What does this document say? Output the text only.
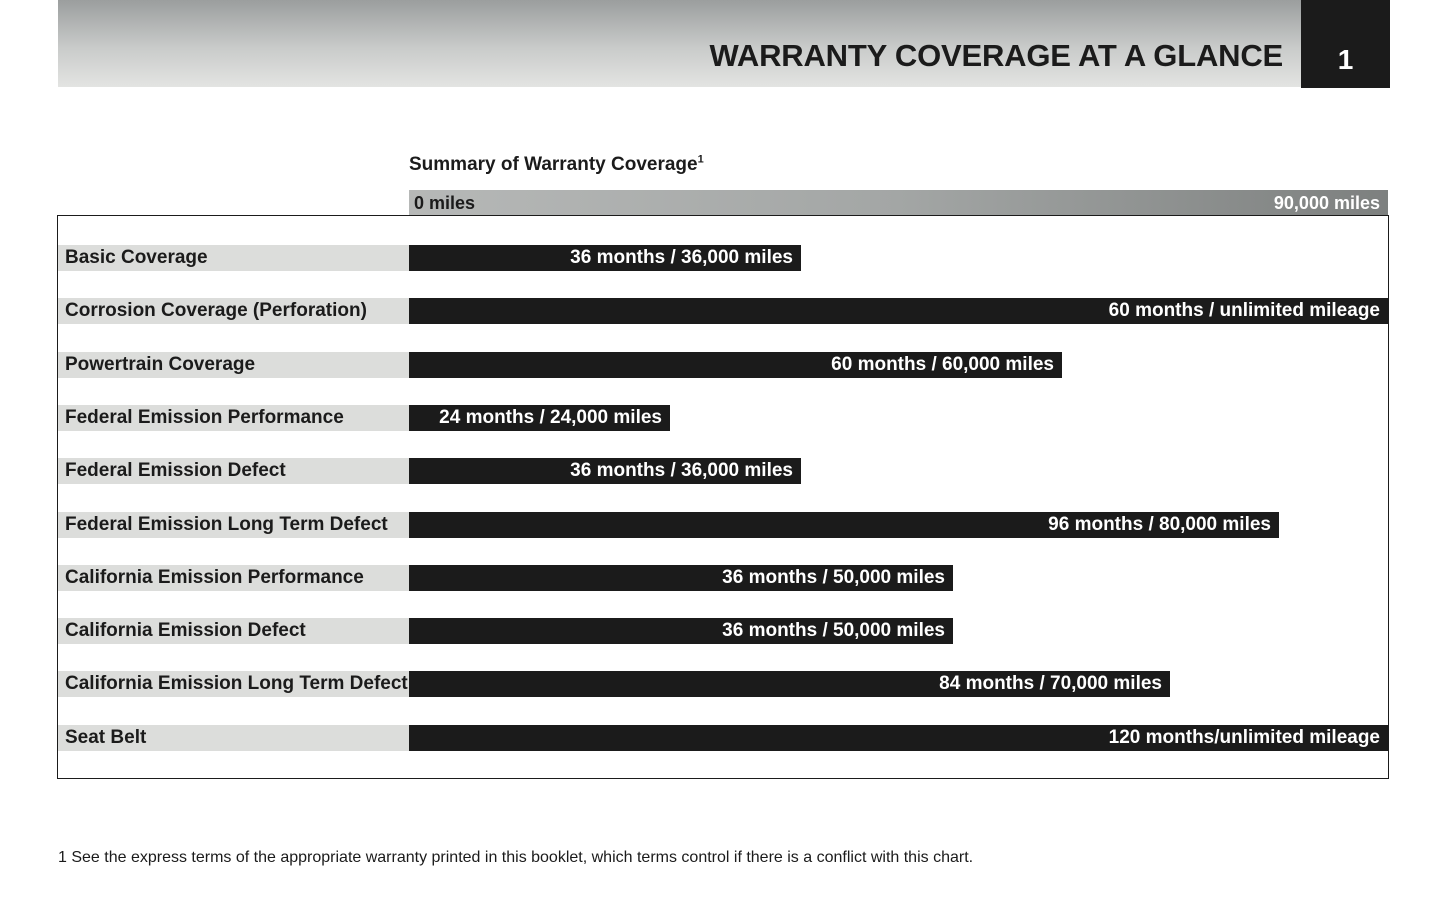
WARRANTY COVERAGE AT A GLANCE	1
Summary of Warranty Coverage$^1$
0 miles	90,000 miles
Basic Coverage	36 months / 36,000 miles
Corrosion Coverage (Perforation)	60 months / unlimited mileage
Powertrain Coverage	60 months / 60,000 miles
Federal Emission Performance	24 months / 24,000 miles
Federal Emission Defect	36 months / 36,000 miles
Federal Emission Long Term Defect	96 months / 80,000 miles
California Emission Performance	36 months / 50,000 miles
California Emission Defect	36 months / 50,000 miles
California Emission Long Term Defect	84 months / 70,000 miles
Seat Belt	120 months/unlimited mileage
1 See the express terms of the appropriate warranty printed in this booklet, which terms control if there is a conflict with this chart.
